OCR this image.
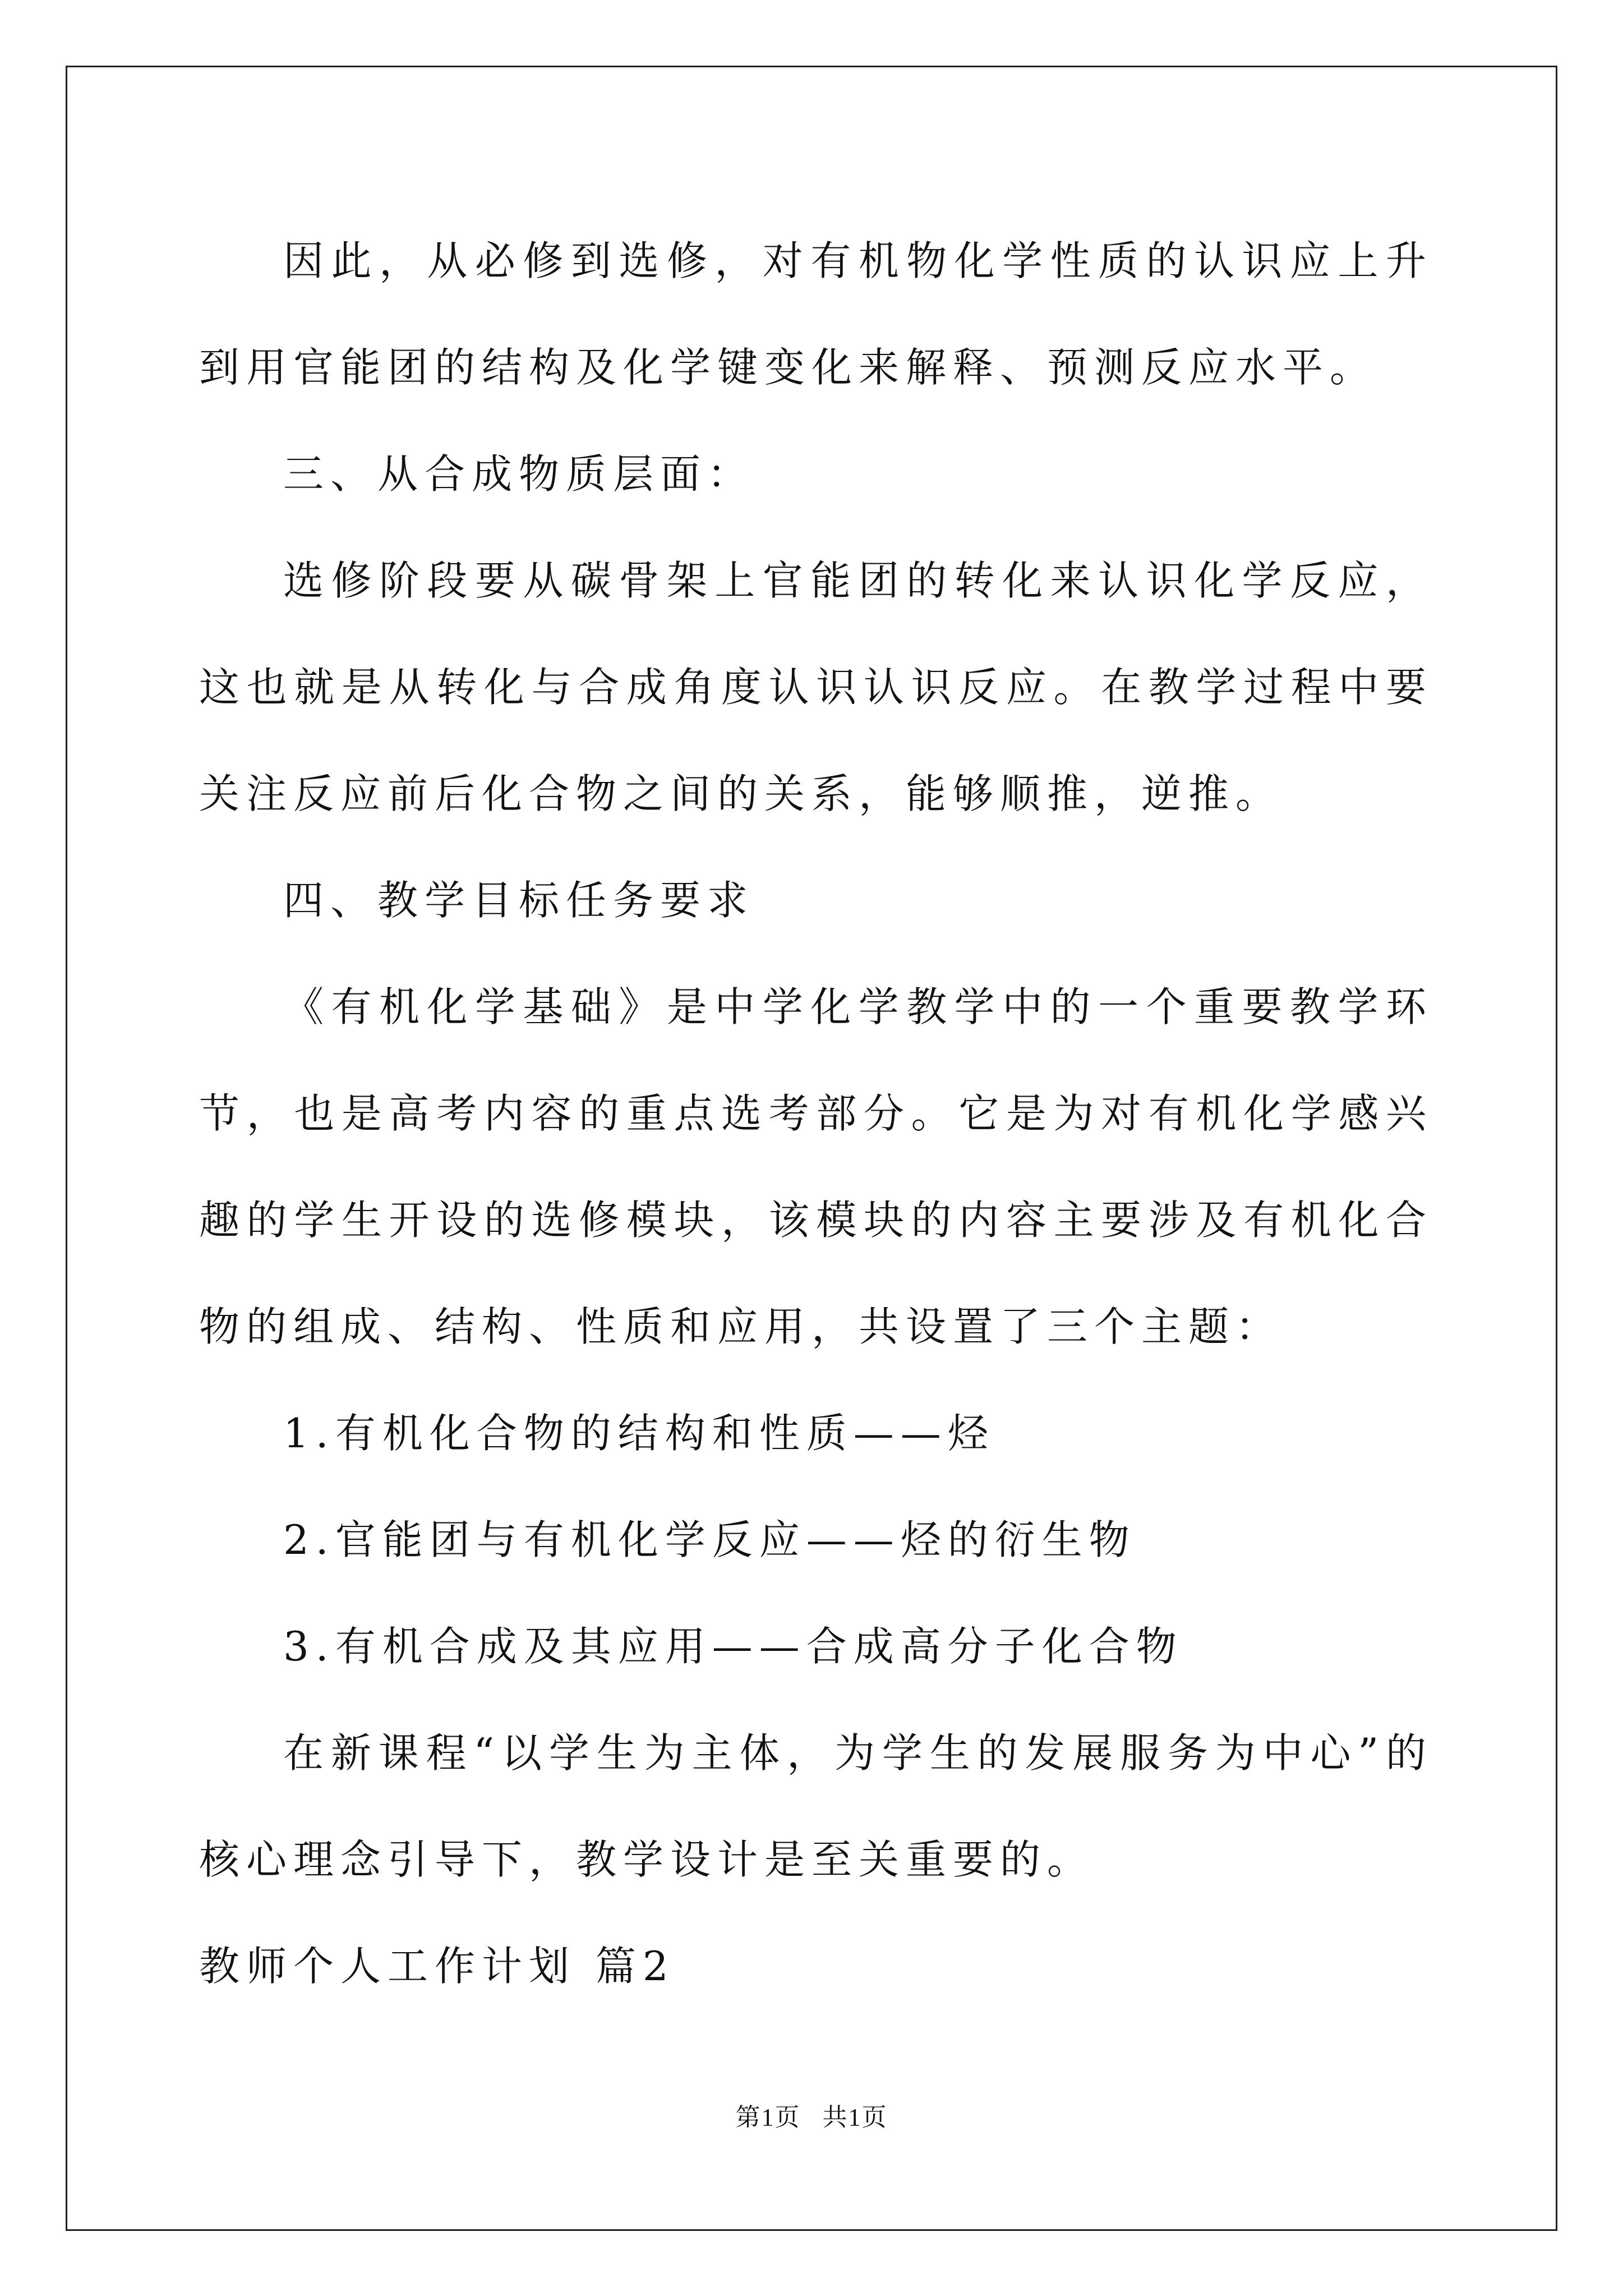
因此，从必修到选修，对有机物化学性质的认识应上升到用官能团的结构及化学键变化来解释、预测反应水平。

三、从合成物质层面：

选修阶段要从碳骨架上官能团的转化来认识化学反应，这也就是从转化与合成角度认识认识反应。在教学过程中要关注反应前后化合物之间的关系，能够顺推，逆推。

四、教学目标任务要求

《有机化学基础》是中学化学教学中的一个重要教学环节，也是高考内容的重点选考部分。它是为对有机化学感兴趣的学生开设的选修模块，该模块的内容主要涉及有机化合物的组成、结构、性质和应用，共设置了三个主题：

1.有机化合物的结构和性质——烃

2.官能团与有机化学反应——烃的衍生物

3.有机合成及其应用——合成高分子化合物

在新课程“以学生为主体，为学生的发展服务为中心”的核心理念引导下，教学设计是至关重要的。

教师个人工作计划 篇2

第1页   共1页
